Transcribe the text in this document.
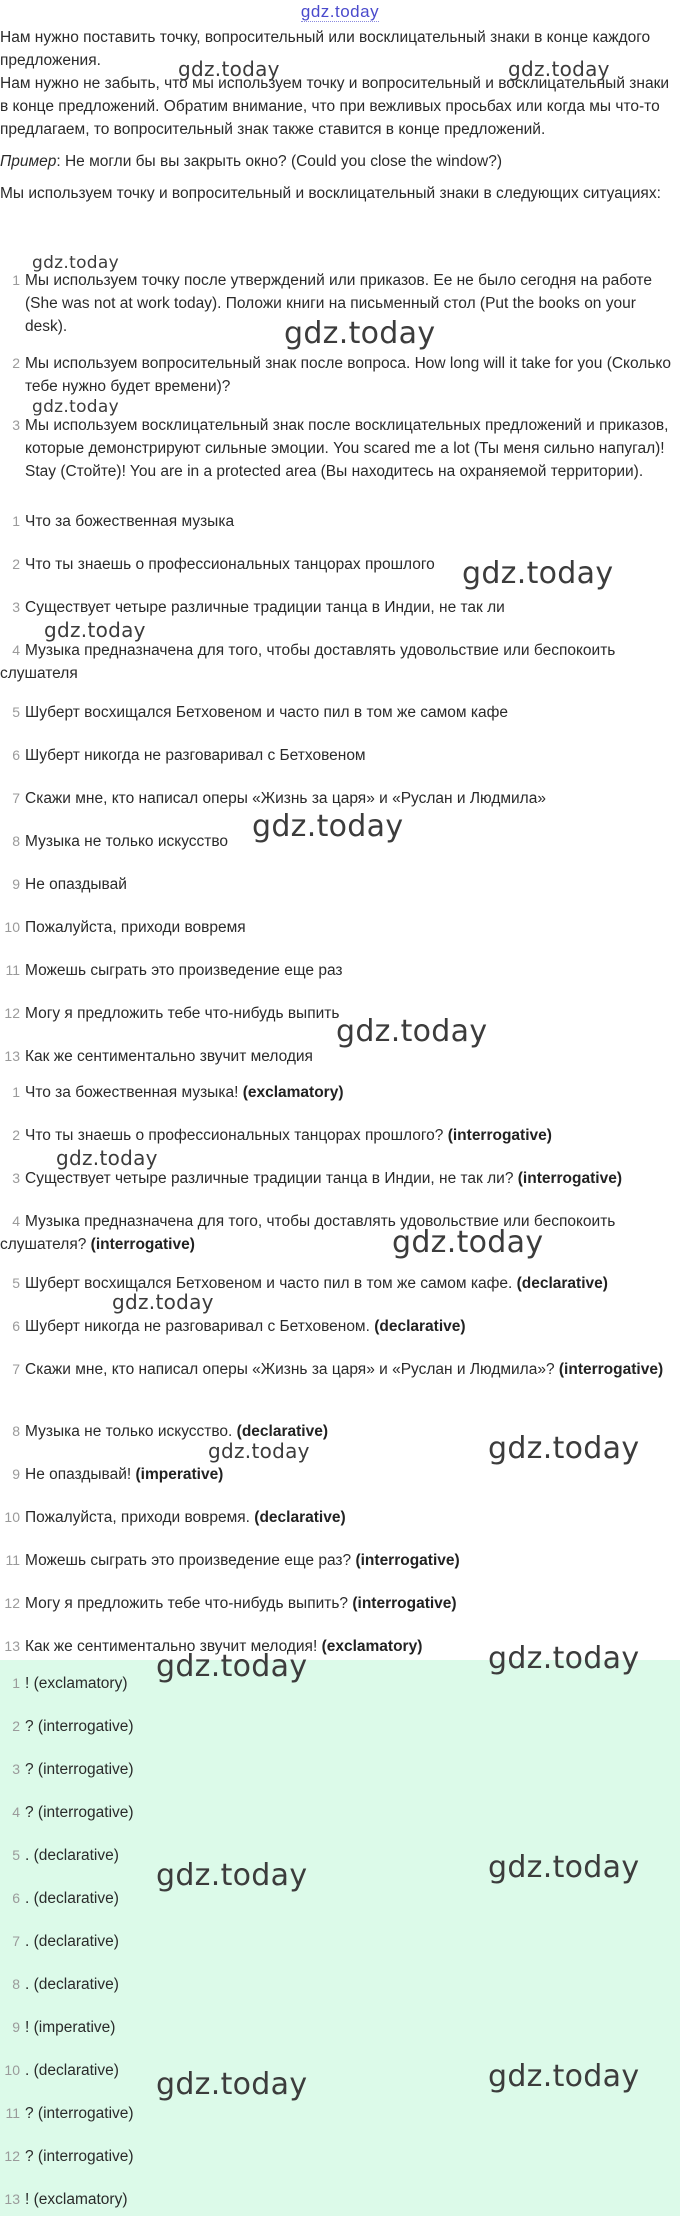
gdz.today

Нам нужно поставить точку, вопросительный или восклицательный знаки в конце каждого предложения.

Нам нужно не забыть, что мы используем точку и вопросительный и восклицательный знаки в конце предложений. Обратим внимание, что при вежливых просьбах или когда мы что-то предлагаем, то вопросительный знак также ставится в конце предложений.

Пример: Не могли бы вы закрыть окно? (Could you close the window?)

Мы используем точку и вопросительный и восклицательный знаки в следующих ситуациях:

1 Мы используем точку после утверждений или приказов. Ее не было сегодня на работе (She was not at work today). Положи книги на письменный стол (Put the books on your desk).
2 Мы используем вопросительный знак после вопроса. How long will it take for you (Сколько тебе нужно будет времени)?
3 Мы используем восклицательный знак после восклицательных предложений и приказов, которые демонстрируют сильные эмоции. You scared me a lot (Ты меня сильно напугал)! Stay (Стойте)! You are in a protected area (Вы находитесь на охраняемой территории).
1 Что за божественная музыка
2 Что ты знаешь о профессиональных танцорах прошлого
3 Существует четыре различные традиции танца в Индии, не так ли
4 Музыка предназначена для того, чтобы доставлять удовольствие или беспокоить слушателя
5 Шуберт восхищался Бетховеном и часто пил в том же самом кафе
6 Шуберт никогда не разговаривал с Бетховеном
7 Скажи мне, кто написал оперы «Жизнь за царя» и «Руслан и Людмила»
8 Музыка не только искусство
9 Не опаздывай
10 Пожалуйста, приходи вовремя
11 Можешь сыграть это произведение еще раз
12 Могу я предложить тебе что-нибудь выпить
13 Как же сентиментально звучит мелодия
1 Что за божественная музыка! (exclamatory)
2 Что ты знаешь о профессиональных танцорах прошлого? (interrogative)
3 Существует четыре различные традиции танца в Индии, не так ли? (interrogative)
4 Музыка предназначена для того, чтобы доставлять удовольствие или беспокоить слушателя? (interrogative)
5 Шуберт восхищался Бетховеном и часто пил в том же самом кафе. (declarative)
6 Шуберт никогда не разговаривал с Бетховеном. (declarative)
7 Скажи мне, кто написал оперы «Жизнь за царя» и «Руслан и Людмила»? (interrogative)
8 Музыка не только искусство. (declarative)
9 Не опаздывай! (imperative)
10 Пожалуйста, приходи вовремя. (declarative)
11 Можешь сыграть это произведение еще раз? (interrogative)
12 Могу я предложить тебе что-нибудь выпить? (interrogative)
13 Как же сентиментально звучит мелодия! (exclamatory)
1 ! (exclamatory)
2 ? (interrogative)
3 ? (interrogative)
4 ? (interrogative)
5 . (declarative)
6 . (declarative)
7 . (declarative)
8 . (declarative)
9 ! (imperative)
10 . (declarative)
11 ? (interrogative)
12 ? (interrogative)
13 ! (exclamatory)
gdz.today	gdz.today
gdz.today
gdz.today
gdz.today
gdz.today
gdz.today
gdz.today
gdz.today
gdz.today
gdz.today
gdz.today
gdz.today	gdz.today
gdz.today
gdz.today
gdz.today
gdz.today
gdz.today
gdz.today
